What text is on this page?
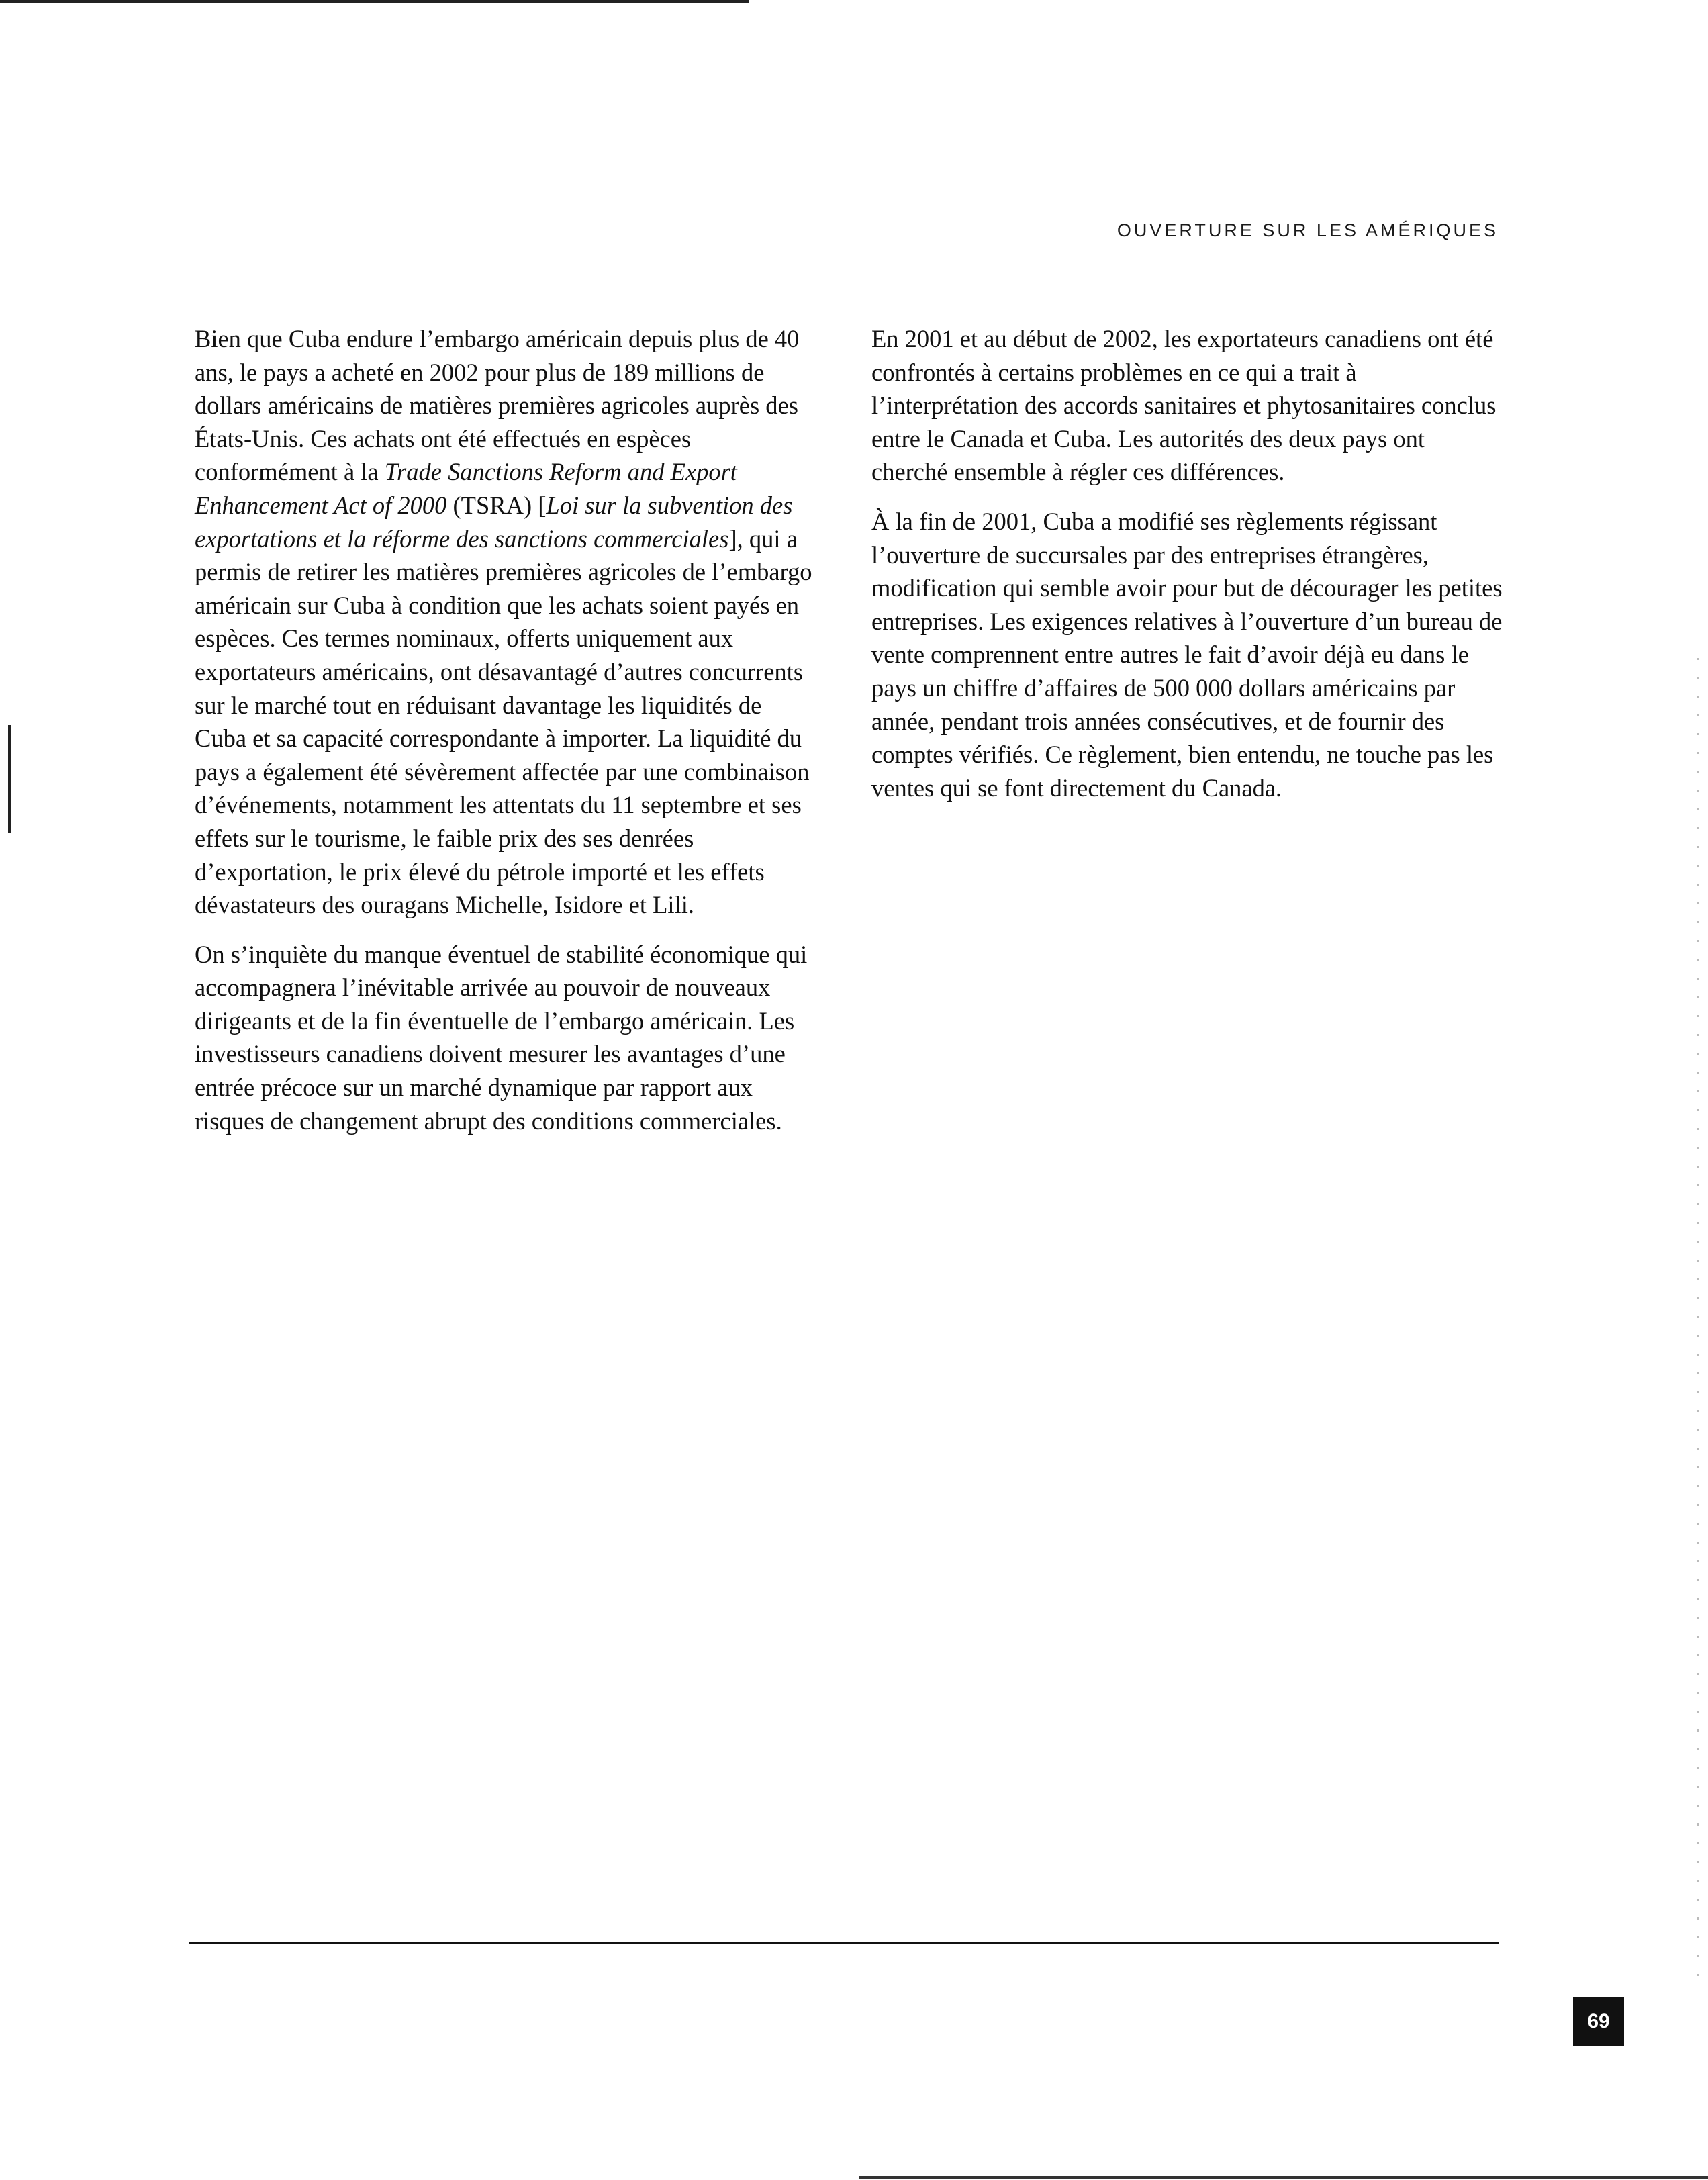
OUVERTURE SUR LES AMÉRIQUES

Bien que Cuba endure l’embargo américain depuis plus de 40 ans, le pays a acheté en 2002 pour plus de 189 millions de dollars américains de matières premières agricoles auprès des États-Unis. Ces achats ont été effectués en espèces conformément à la Trade Sanctions Reform and Export Enhancement Act of 2000 (TSRA) [Loi sur la subvention des exportations et la réforme des sanctions commerciales], qui a permis de retirer les matières premières agricoles de l’embargo américain sur Cuba à condition que les achats soient payés en espèces. Ces termes nominaux, offerts uniquement aux exportateurs américains, ont désavantagé d’autres concurrents sur le marché tout en réduisant davantage les liquidités de Cuba et sa capacité correspondante à importer. La liquidité du pays a également été sévèrement affectée par une combinaison d’événements, notamment les attentats du 11 septembre et ses effets sur le tourisme, le faible prix des ses denrées d’exportation, le prix élevé du pétrole importé et les effets dévastateurs des ouragans Michelle, Isidore et Lili.

On s’inquiète du manque éventuel de stabilité économique qui accompagnera l’inévitable arrivée au pouvoir de nouveaux dirigeants et de la fin éventuelle de l’embargo américain. Les investisseurs canadiens doivent mesurer les avantages d’une entrée précoce sur un marché dynamique par rapport aux risques de changement abrupt des conditions commerciales.

En 2001 et au début de 2002, les exportateurs canadiens ont été confrontés à certains problèmes en ce qui a trait à l’interprétation des accords sanitaires et phytosanitaires conclus entre le Canada et Cuba. Les autorités des deux pays ont cherché ensemble à régler ces différences.

À la fin de 2001, Cuba a modifié ses règlements régissant l’ouverture de succursales par des entreprises étrangères, modification qui semble avoir pour but de décourager les petites entreprises. Les exigences relatives à l’ouverture d’un bureau de vente comprennent entre autres le fait d’avoir déjà eu dans le pays un chiffre d’affaires de 500 000 dollars américains par année, pendant trois années consécutives, et de fournir des comptes vérifiés. Ce règlement, bien entendu, ne touche pas les ventes qui se font directement du Canada.

69
